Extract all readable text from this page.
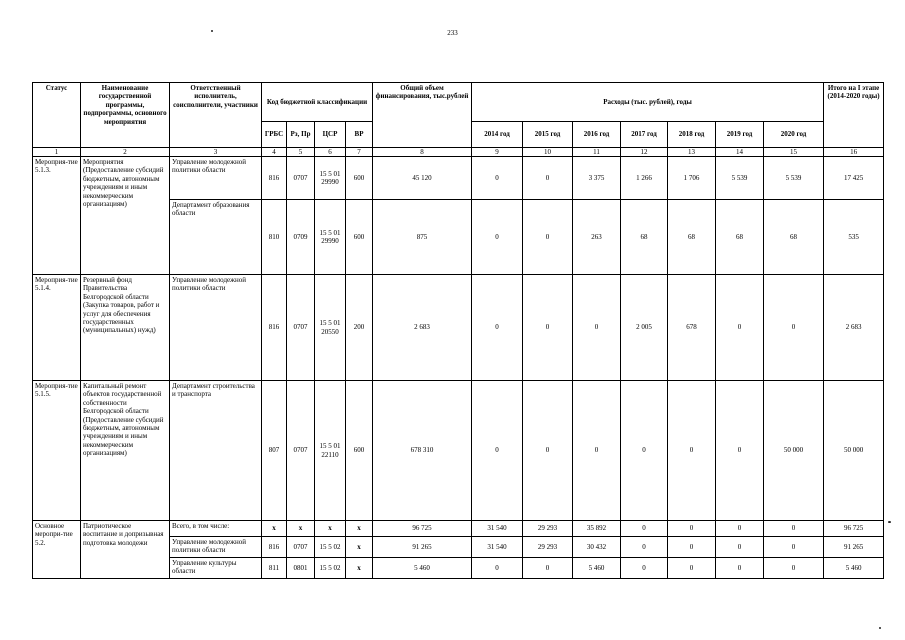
233
Статус	Наименование государственной программы, подпрограммы, основного мероприятия	Ответственный исполнитель, соисполнители, участники	Код бюджетной классификации				Общий объем финансирования, тыс.рублей	Расходы (тыс. рублей), годы							Итого на I этапе (2014-2020 годы)
			ГРБС	Рз, Пр	ЦСР	ВР		2014 год	2015 год	2016 год	2017 год	2018 год	2019 год	2020 год	
1	2	3	4	5	6	7	8	9	10	11	12	13	14	15	16
Мероприя-тие 5.1.3.	Мероприятия (Предоставление субсидий бюджетным, автономным учреждениям и иным некоммерческим организациям)	Управление молодежной политики области	816	0707	15 5 01 29990	600	45 120	0	0	3 375	1 266	1 706	5 539	5 539	17 425
		Департамент образования области	810	0709	15 5 01 29990	600	875	0	0	263	68	68	68	68	535
Мероприя-тие 5.1.4.	Резервный фонд Правительства Белгородской области (Закупка товаров, работ и услуг для обеспечения государственных (муниципальных) нужд)	Управление молодежной политики области	816	0707	15 5 01 20550	200	2 683	0	0	0	2 005	678	0	0	2 683
Мероприя-тие 5.1.5.	Капитальный ремонт объектов государственной собственности Белгородской области (Предоставление субсидий бюджетным, автономным учреждениям и иным некоммерческим организациям)	Департамент строительства и транспорта	807	0707	15 5 01 22110	600	678 310	0	0	0	0	0	0	50 000	50 000
Основное меропри-тие 5.2.	Патриотическое воспитание и допризывная подготовка молодежи	Всего, в том числе:	x	x	x	x	96 725	31 540	29 293	35 892	0	0	0	0	96 725
		Управление молодежной политики области	816	0707	15 5 02	x	91 265	31 540	29 293	30 432	0	0	0	0	91 265
		Управление культуры области	811	0801	15 5 02	x	5 460	0	0	5 460	0	0	0	0	5 460
